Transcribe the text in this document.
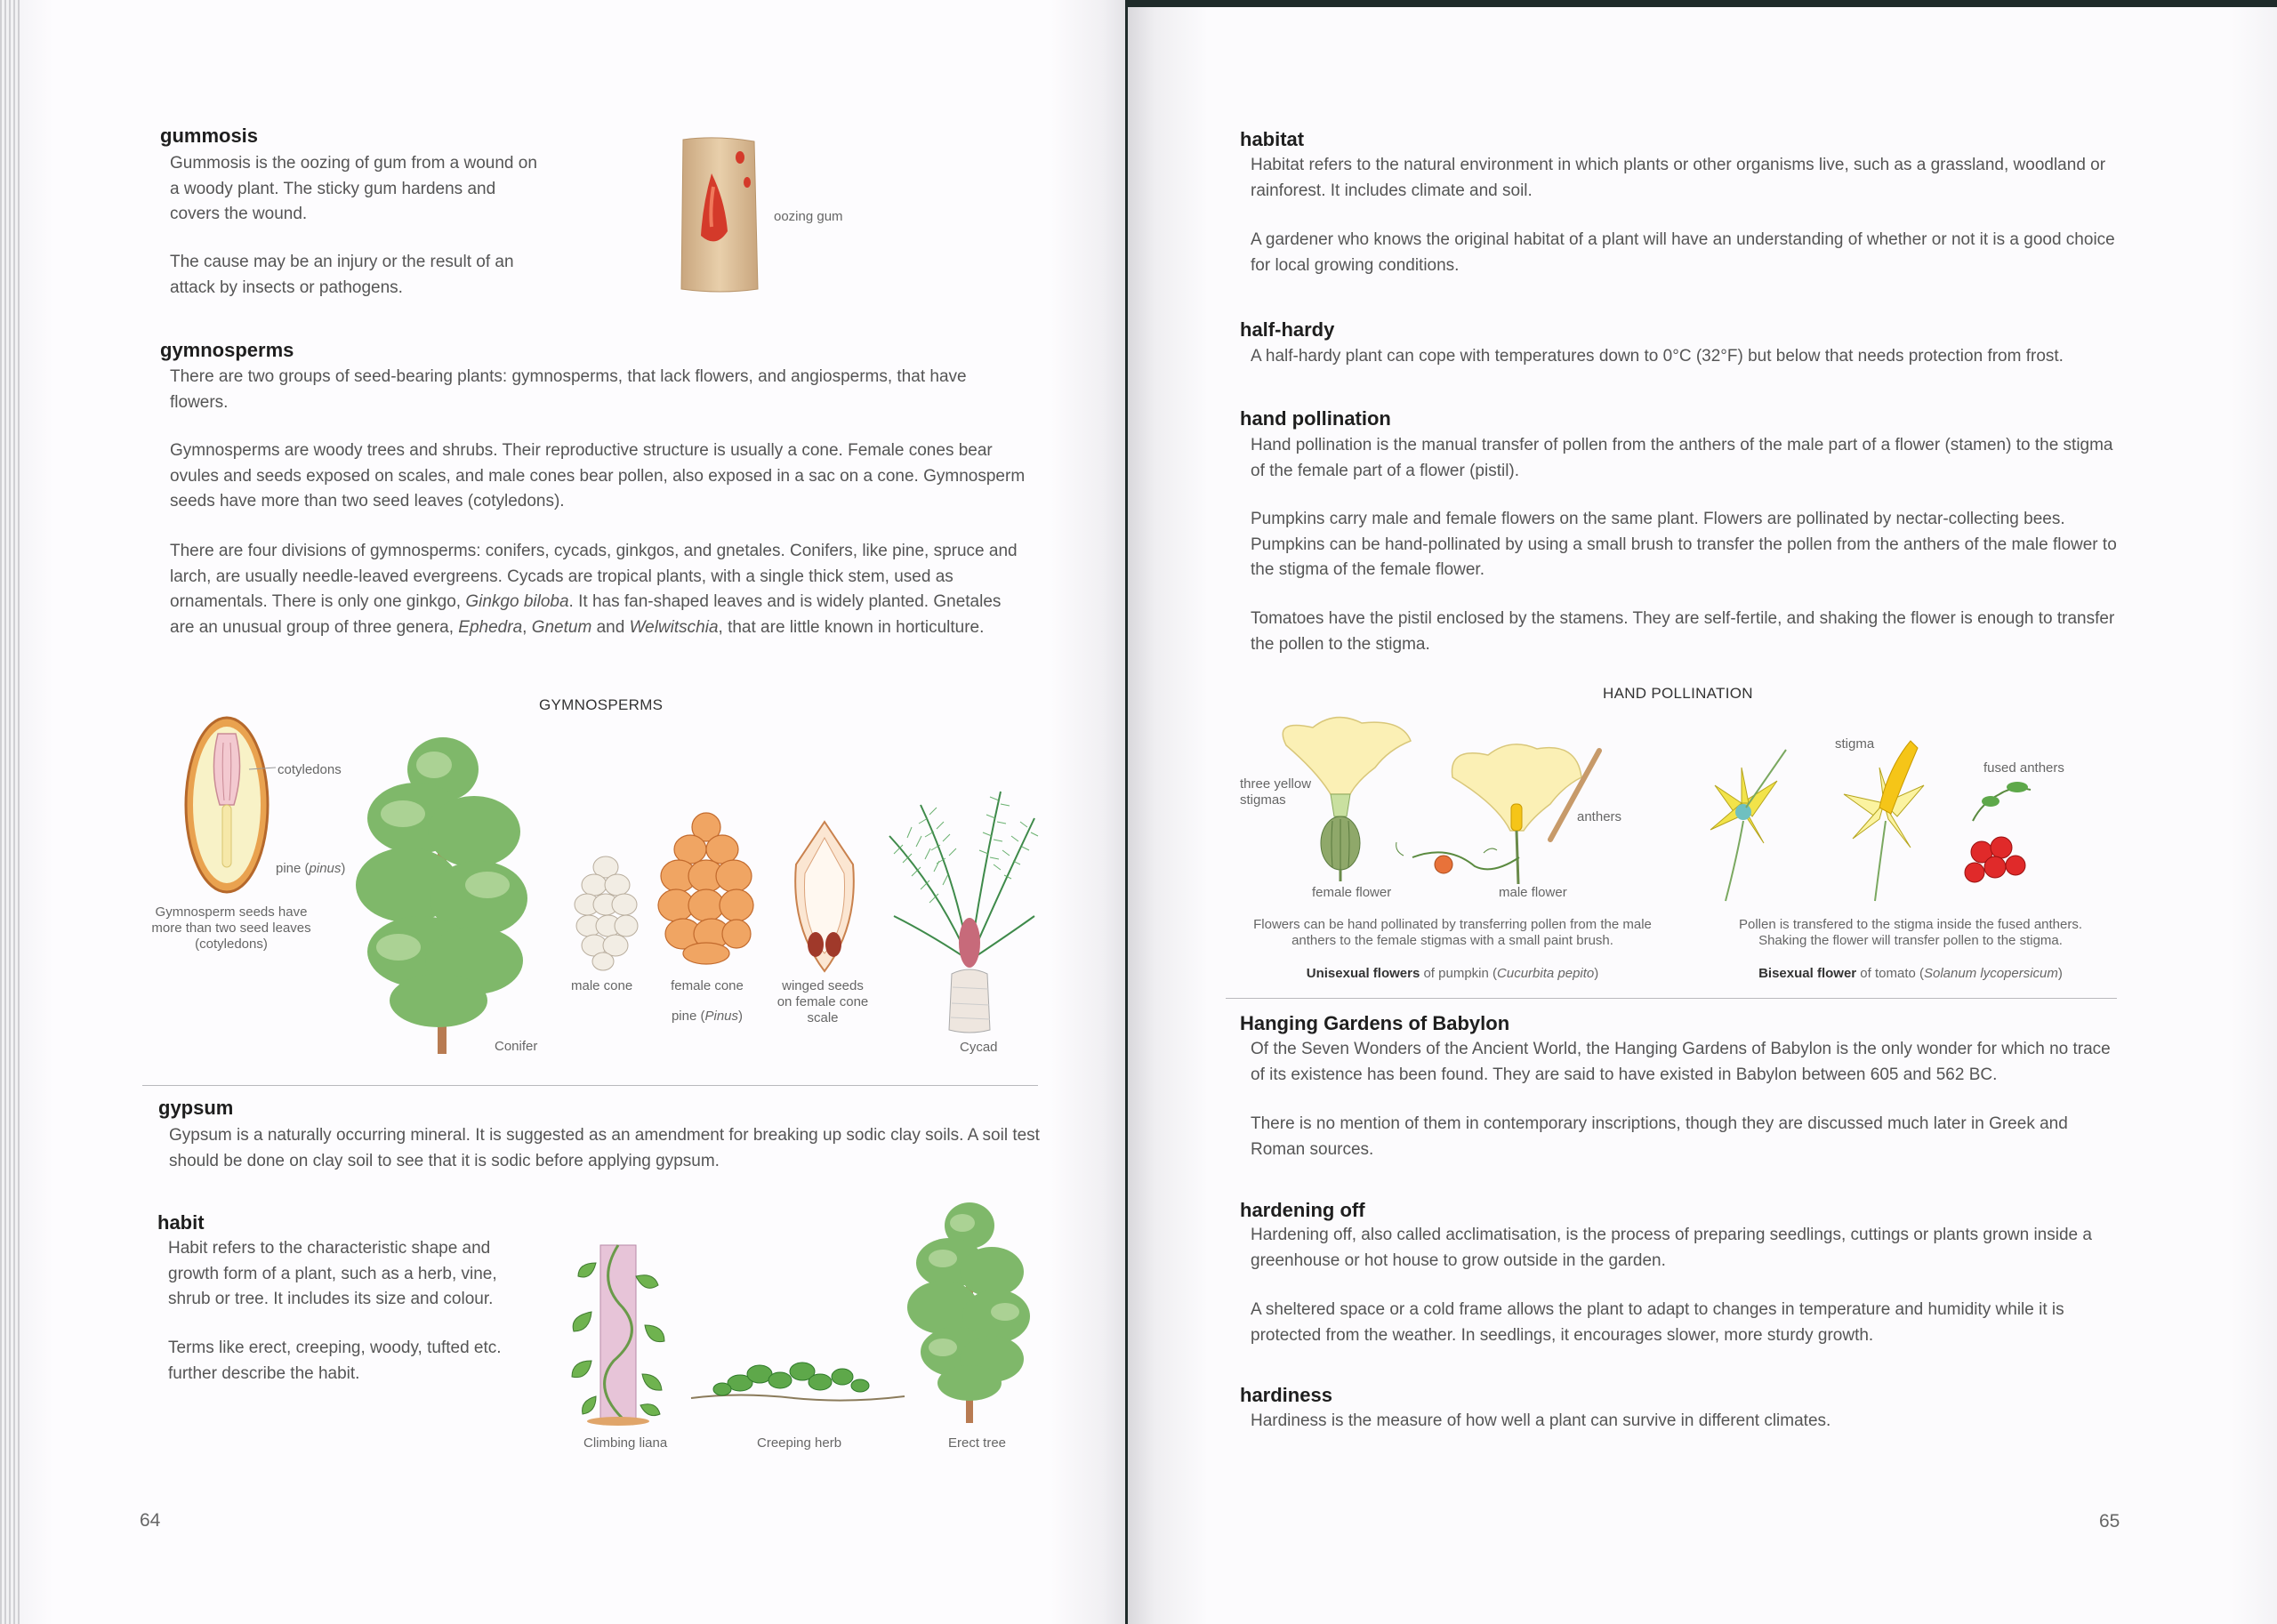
gummosis

Gummosis is the oozing of gum from a wound on a woody plant. The sticky gum hardens and covers the wound.

The cause may be an injury or the result of an attack by insects or pathogens.

oozing gum
gymnosperms

There are two groups of seed-bearing plants: gymnosperms, that lack flowers, and angiosperms, that have flowers.

Gymnosperms are woody trees and shrubs. Their reproductive structure is usually a cone. Female cones bear ovules and seeds exposed on scales, and male cones bear pollen, also exposed in a sac on a cone. Gymnosperm seeds have more than two seed leaves (cotyledons).

There are four divisions of gymnosperms: conifers, cycads, ginkgos, and gnetales. Conifers, like pine, spruce and larch, are usually needle-leaved evergreens. Cycads are tropical plants, with a single thick stem, used as ornamentals. There is only one ginkgo, Ginkgo biloba. It has fan-shaped leaves and is widely planted. Gnetales are an unusual group of three genera, Ephedra, Gnetum and Welwitschia, that are little known in horticulture.

GYMNOSPERMS
cotyledons
pine (pinus)
Gymnosperm seeds have more than two seed leaves (cotyledons)
Conifer
male cone	female cone
pine (Pinus)
winged seeds on female cone scale
Cycad
gypsum

Gypsum is a naturally occurring mineral. It is suggested as an amendment for breaking up sodic clay soils. A soil test should be done on clay soil to see that it is sodic before applying gypsum.

habit

Habit refers to the characteristic shape and growth form of a plant, such as a herb, vine, shrub or tree. It includes its size and colour.

Terms like erect, creeping, woody, tufted etc. further describe the habit.

Climbing liana	Creeping herb	Erect tree
64
habitat

Habitat refers to the natural environment in which plants or other organisms live, such as a grassland, woodland or rainforest. It includes climate and soil.

A gardener who knows the original habitat of a plant will have an understanding of whether or not it is a good choice for local growing conditions.

half-hardy

A half-hardy plant can cope with temperatures down to 0°C (32°F) but below that needs protection from frost.

hand pollination

Hand pollination is the manual transfer of pollen from the anthers of the male part of a flower (stamen) to the stigma of the female part of a flower (pistil).

Pumpkins carry male and female flowers on the same plant. Flowers are pollinated by nectar-collecting bees. Pumpkins can be hand-pollinated by using a small brush to transfer the pollen from the anthers of the male flower to the stigma of the female flower.

Tomatoes have the pistil enclosed by the stamens. They are self-fertile, and shaking the flower is enough to transfer the pollen to the stigma.

HAND POLLINATION
three yellow stigmas
anthers
female flower	male flower
Flowers can be hand pollinated by transferring pollen from the male anthers to the female stigmas with a small paint brush.
Unisexual flowers of pumpkin (Cucurbita pepito)
stigma
fused anthers
Pollen is transfered to the stigma inside the fused anthers. Shaking the flower will transfer pollen to the stigma.
Bisexual flower of tomato (Solanum lycopersicum)
Hanging Gardens of Babylon

Of the Seven Wonders of the Ancient World, the Hanging Gardens of Babylon is the only wonder for which no trace of its existence has been found. They are said to have existed in Babylon between 605 and 562 BC.

There is no mention of them in contemporary inscriptions, though they are discussed much later in Greek and Roman sources.

hardening off

Hardening off, also called acclimatisation, is the process of preparing seedlings, cuttings or plants grown inside a greenhouse or hot house to grow outside in the garden.

A sheltered space or a cold frame allows the plant to adapt to changes in temperature and humidity while it is protected from the weather. In seedlings, it encourages slower, more sturdy growth.

hardiness

Hardiness is the measure of how well a plant can survive in different climates.

65
